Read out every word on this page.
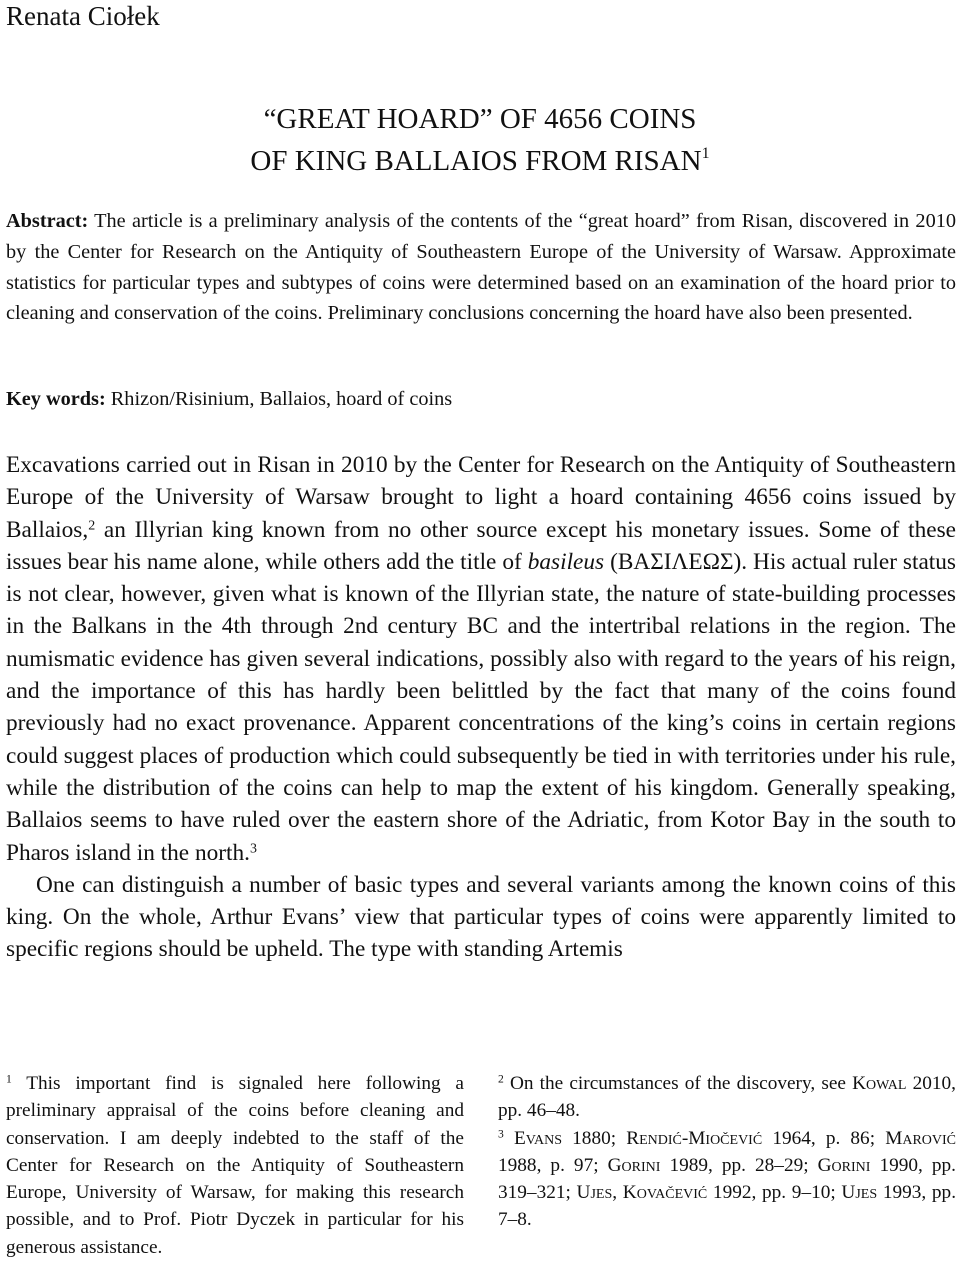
Renata Ciołek
“GREAT HOARD” OF 4656 COINS
OF KING BALLAIOS FROM RISAN$^1$
Abstract: The article is a preliminary analysis of the contents of the “great hoard” from Risan, discovered in 2010 by the Center for Research on the Antiquity of Southeastern Europe of the University of Warsaw. Approximate statistics for particular types and subtypes of coins were determined based on an examination of the hoard prior to cleaning and conservation of the coins. Preliminary conclusions concerning the hoard have also been presented.
Key words: Rhizon/Risinium, Ballaios, hoard of coins

Excavations carried out in Risan in 2010 by the Center for Research on the Antiquity of Southeastern Europe of the University of Warsaw brought to light a hoard containing 4656 coins issued by Ballaios,$^2$ an Illyrian king known from no other source except his monetary issues. Some of these issues bear his name alone, while others add the title of basileus (ΒΑΣΙΛΕΩΣ). His actual ruler status is not clear, however, given what is known of the Illyrian state, the nature of state-building processes in the Balkans in the 4th through 2nd century BC and the intertribal relations in the region. The numismatic evidence has given several indications, possibly also with regard to the years of his reign, and the importance of this has hardly been belittled by the fact that many of the coins found previously had no exact provenance. Apparent concentrations of the king’s coins in certain regions could suggest places of production which could subsequently be tied in with territories under his rule, while the distribution of the coins can help to map the extent of his kingdom. Generally speaking, Ballaios seems to have ruled over the eastern shore of the Adriatic, from Kotor Bay in the south to Pharos island in the north.$^3$

One can distinguish a number of basic types and several variants among the known coins of this king. On the whole, Arthur Evans’ view that particular types of coins were apparently limited to specific regions should be upheld. The type with standing Artemis

$^1$ This important find is signaled here following a preliminary appraisal of the coins before cleaning and conservation. I am deeply indebted to the staff of the Center for Research on the Antiquity of Southeastern Europe, University of Warsaw, for making this research possible, and to Prof. Piotr Dyczek in particular for his generous assistance.

$^2$ On the circumstances of the discovery, see Kowal 2010, pp. 46–48.

$^3$ Evans 1880; Rendić-Miočević 1964, p. 86; Marović 1988, p. 97; Gorini 1989, pp. 28–29; Gorini 1990, pp. 319–321; Ujes, Kovačević 1992, pp. 9–10; Ujes 1993, pp. 7–8.
